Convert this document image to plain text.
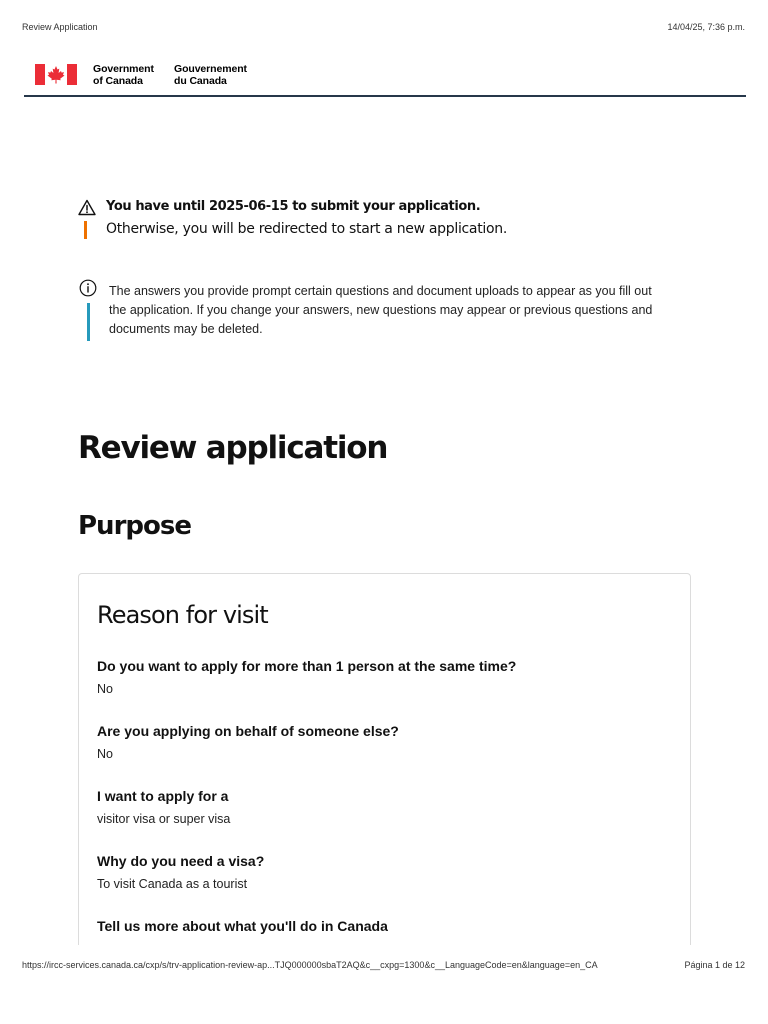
Review Application	14/04/25, 7:36 p.m.
Government
of Canada
Gouvernement
du Canada
You have until 2025-06-15 to submit your application.
Otherwise, you will be redirected to start a new application.
The answers you provide prompt certain questions and document uploads to appear as you fill out the application. If you change your answers, new questions may appear or previous questions and documents may be deleted.
Review application
Purpose
Reason for visit
Do you want to apply for more than 1 person at the same time?
No
Are you applying on behalf of someone else?
No
I want to apply for a
visitor visa or super visa
Why do you need a visa?
To visit Canada as a tourist
Tell us more about what you'll do in Canada
https://ircc-services.canada.ca/cxp/s/trv-application-review-ap...TJQ000000sbaT2AQ&c__cxpg=1300&c__LanguageCode=en&language=en_CA	Página 1 de 12
